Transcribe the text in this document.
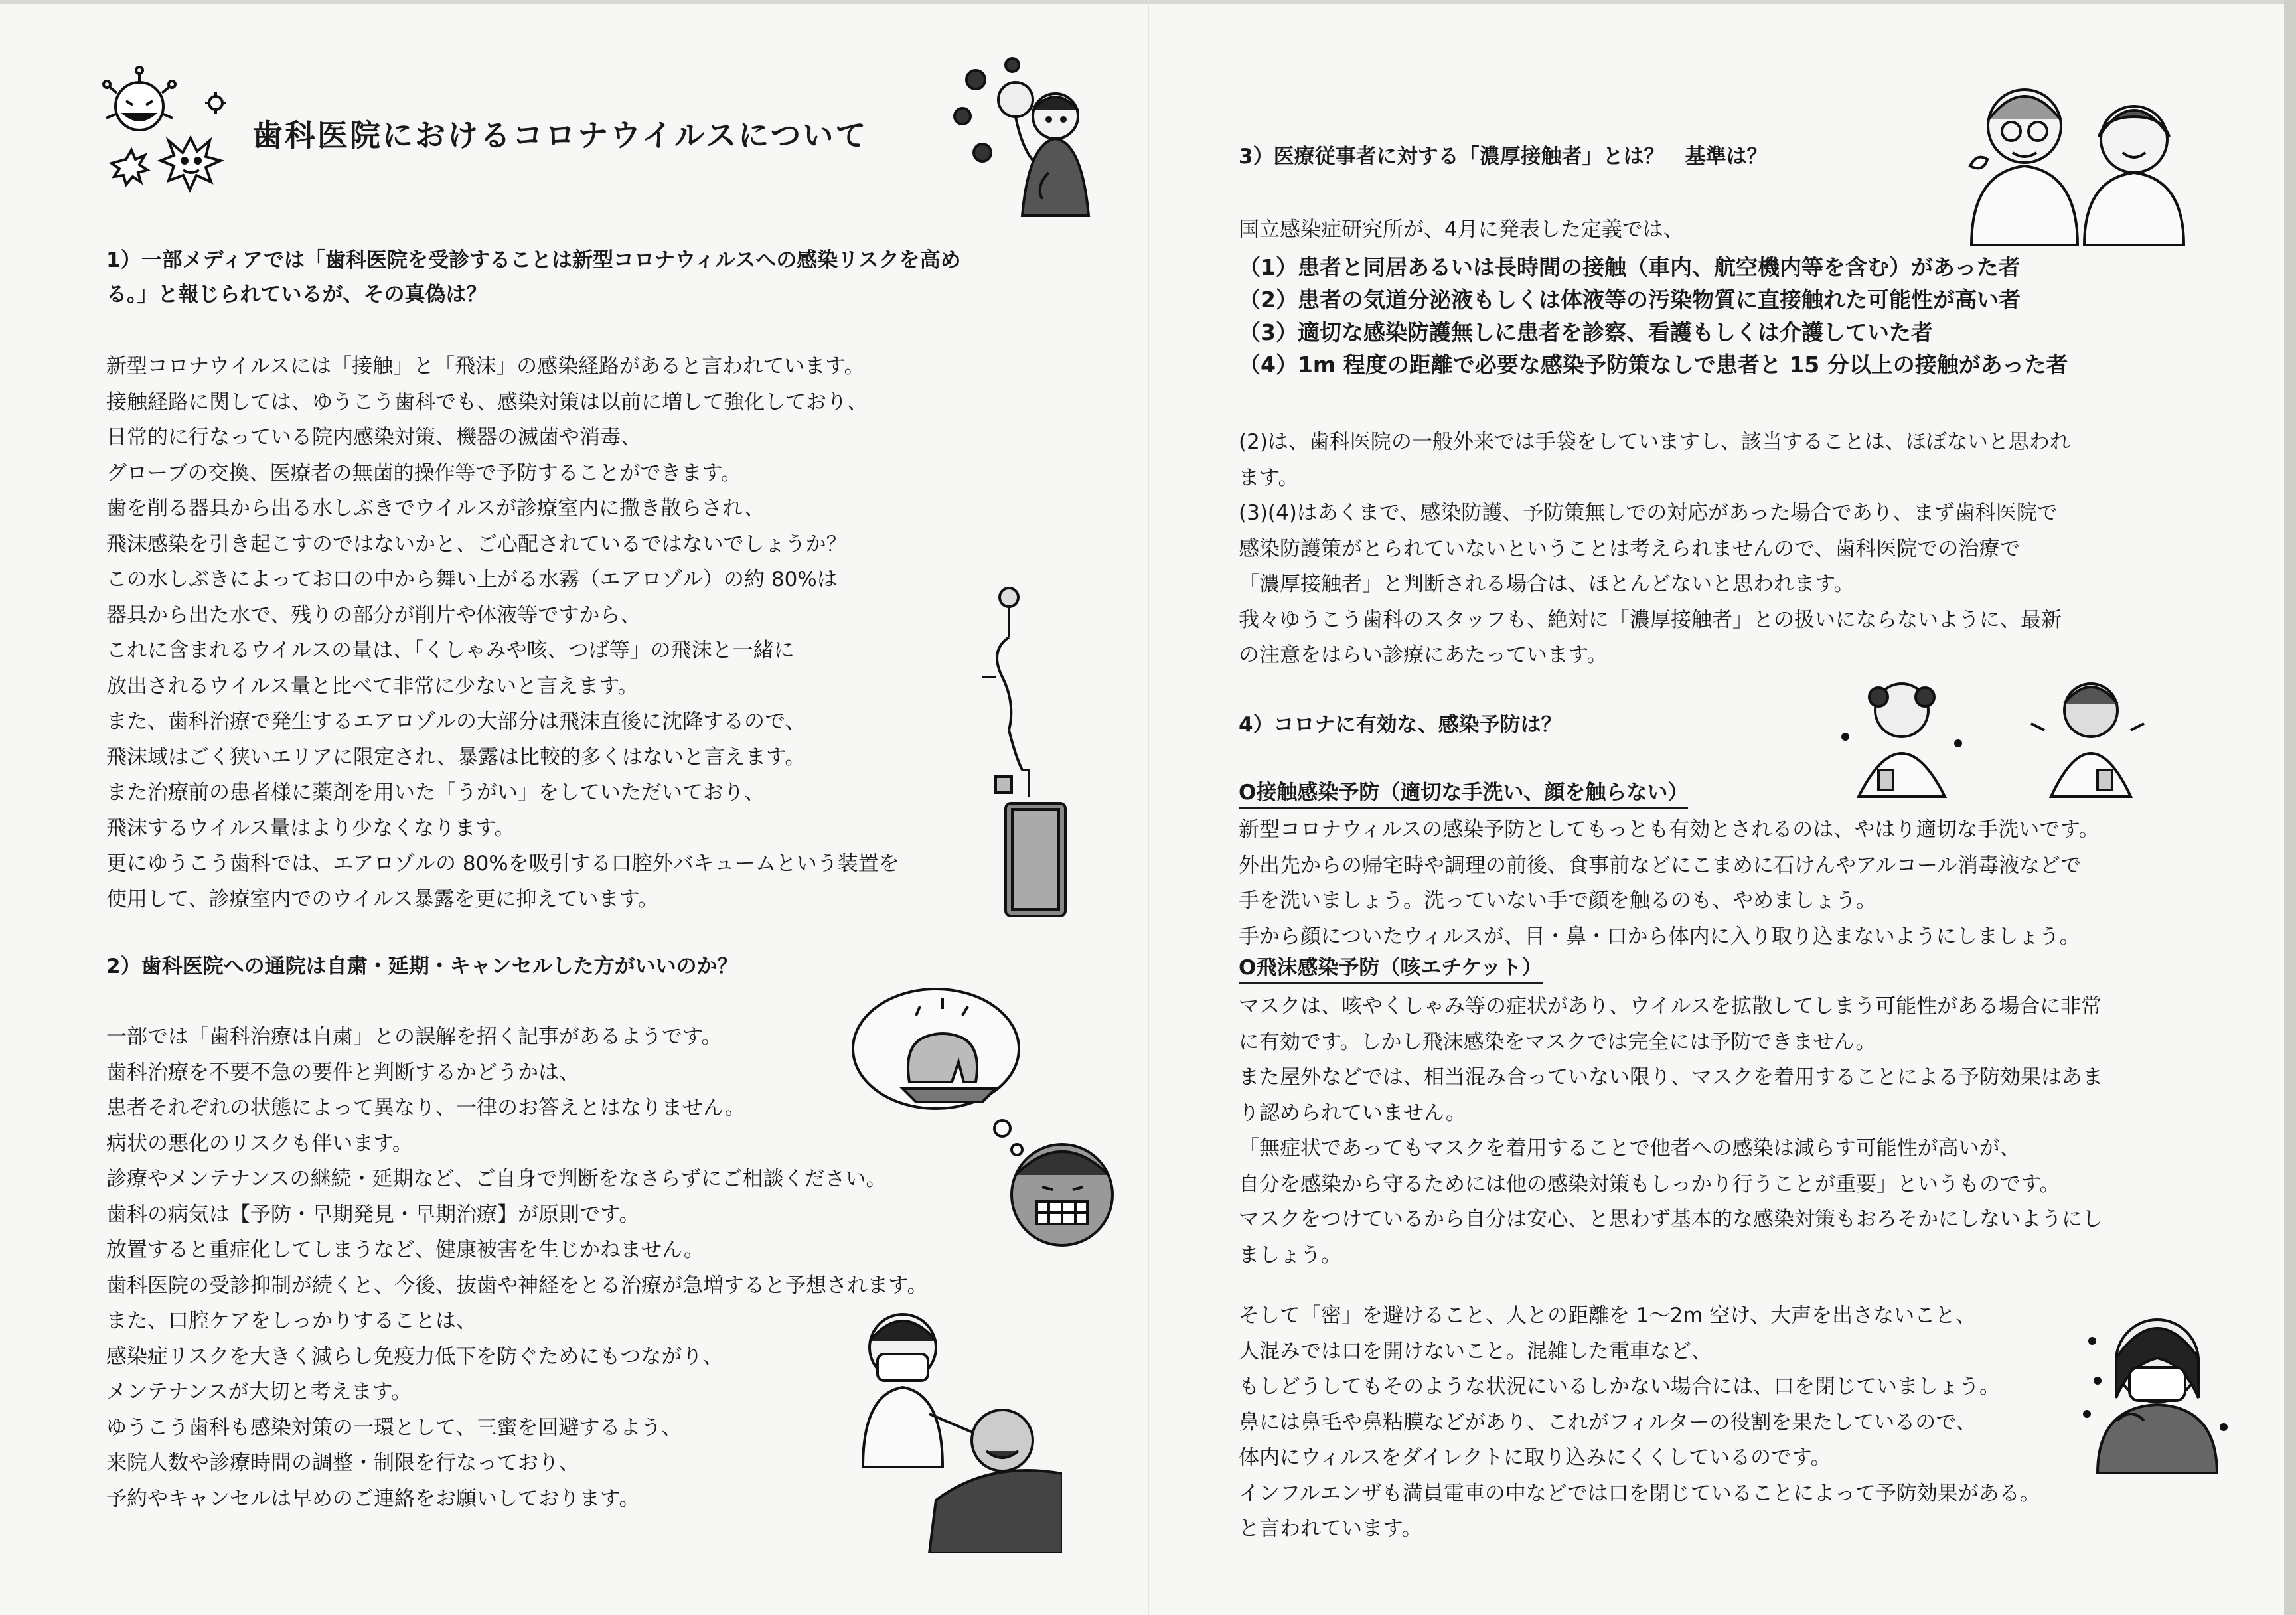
歯科医院におけるコロナウイルスについて
1）一部メディアでは「歯科医院を受診することは新型コロナウィルスへの感染リスクを高め
る。」と報じられているが、その真偽は？
新型コロナウイルスには「接触」と「飛沫」の感染経路があると言われています。
接触経路に関しては、ゆうこう歯科でも、感染対策は以前に増して強化しており、
日常的に行なっている院内感染対策、機器の滅菌や消毒、
グローブの交換、医療者の無菌的操作等で予防することができます。
歯を削る器具から出る水しぶきでウイルスが診療室内に撒き散らされ、
飛沫感染を引き起こすのではないかと、ご心配されているではないでしょうか？
この水しぶきによってお口の中から舞い上がる水霧（エアロゾル）の約 80%は
器具から出た水で、残りの部分が削片や体液等ですから、
これに含まれるウイルスの量は、「くしゃみや咳、つば等」の飛沫と一緒に
放出されるウイルス量と比べて非常に少ないと言えます。
また、歯科治療で発生するエアロゾルの大部分は飛沫直後に沈降するので、
飛沫域はごく狭いエリアに限定され、暴露は比較的多くはないと言えます。
また治療前の患者様に薬剤を用いた「うがい」をしていただいており、
飛沫するウイルス量はより少なくなります。
更にゆうこう歯科では、エアロゾルの 80%を吸引する口腔外バキュームという装置を
使用して、診療室内でのウイルス暴露を更に抑えています。
2）歯科医院への通院は自粛・延期・キャンセルした方がいいのか？
一部では「歯科治療は自粛」との誤解を招く記事があるようです。
歯科治療を不要不急の要件と判断するかどうかは、
患者それぞれの状態によって異なり、一律のお答えとはなりません。
病状の悪化のリスクも伴います。
診療やメンテナンスの継続・延期など、ご自身で判断をなさらずにご相談ください。
歯科の病気は【予防・早期発見・早期治療】が原則です。
放置すると重症化してしまうなど、健康被害を生じかねません。
歯科医院の受診抑制が続くと、今後、抜歯や神経をとる治療が急増すると予想されます。
また、口腔ケアをしっかりすることは、
感染症リスクを大きく減らし免疫力低下を防ぐためにもつながり、
メンテナンスが大切と考えます。
ゆうこう歯科も感染対策の一環として、三蜜を回避するよう、
来院人数や診療時間の調整・制限を行なっており、
予約やキャンセルは早めのご連絡をお願いしております。
3）医療従事者に対する「濃厚接触者」とは？　基準は？
国立感染症研究所が、4月に発表した定義では、
（1）患者と同居あるいは長時間の接触（車内、航空機内等を含む）があった者
（2）患者の気道分泌液もしくは体液等の汚染物質に直接触れた可能性が高い者
（3）適切な感染防護無しに患者を診察、看護もしくは介護していた者
（4）1m 程度の距離で必要な感染予防策なしで患者と 15 分以上の接触があった者
(2)は、歯科医院の一般外来では手袋をしていますし、該当することは、ほぼないと思われ
ます。
(3)(4)はあくまで、感染防護、予防策無しでの対応があった場合であり、まず歯科医院で
感染防護策がとられていないということは考えられませんので、歯科医院での治療で
「濃厚接触者」と判断される場合は、ほとんどないと思われます。
我々ゆうこう歯科のスタッフも、絶対に「濃厚接触者」との扱いにならないように、最新
の注意をはらい診療にあたっています。
4）コロナに有効な、感染予防は？
O接触感染予防（適切な手洗い、顔を触らない）
新型コロナウィルスの感染予防としてもっとも有効とされるのは、やはり適切な手洗いです。
外出先からの帰宅時や調理の前後、食事前などにこまめに石けんやアルコール消毒液などで
手を洗いましょう。洗っていない手で顔を触るのも、やめましょう。
手から顔についたウィルスが、目・鼻・口から体内に入り取り込まないようにしましょう。
O飛沫感染予防（咳エチケット）
マスクは、咳やくしゃみ等の症状があり、ウイルスを拡散してしまう可能性がある場合に非常
に有効です。しかし飛沫感染をマスクでは完全には予防できません。
また屋外などでは、相当混み合っていない限り、マスクを着用することによる予防効果はあま
り認められていません。
「無症状であってもマスクを着用することで他者への感染は減らす可能性が高いが、
自分を感染から守るためには他の感染対策もしっかり行うことが重要」というものです。
マスクをつけているから自分は安心、と思わず基本的な感染対策もおろそかにしないようにし
ましょう。
そして「密」を避けること、人との距離を 1～2m 空け、大声を出さないこと、
人混みでは口を開けないこと。混雑した電車など、
もしどうしてもそのような状況にいるしかない場合には、口を閉じていましょう。
鼻には鼻毛や鼻粘膜などがあり、これがフィルターの役割を果たしているので、
体内にウィルスをダイレクトに取り込みにくくしているのです。
インフルエンザも満員電車の中などでは口を閉じていることによって予防効果がある。
と言われています。
